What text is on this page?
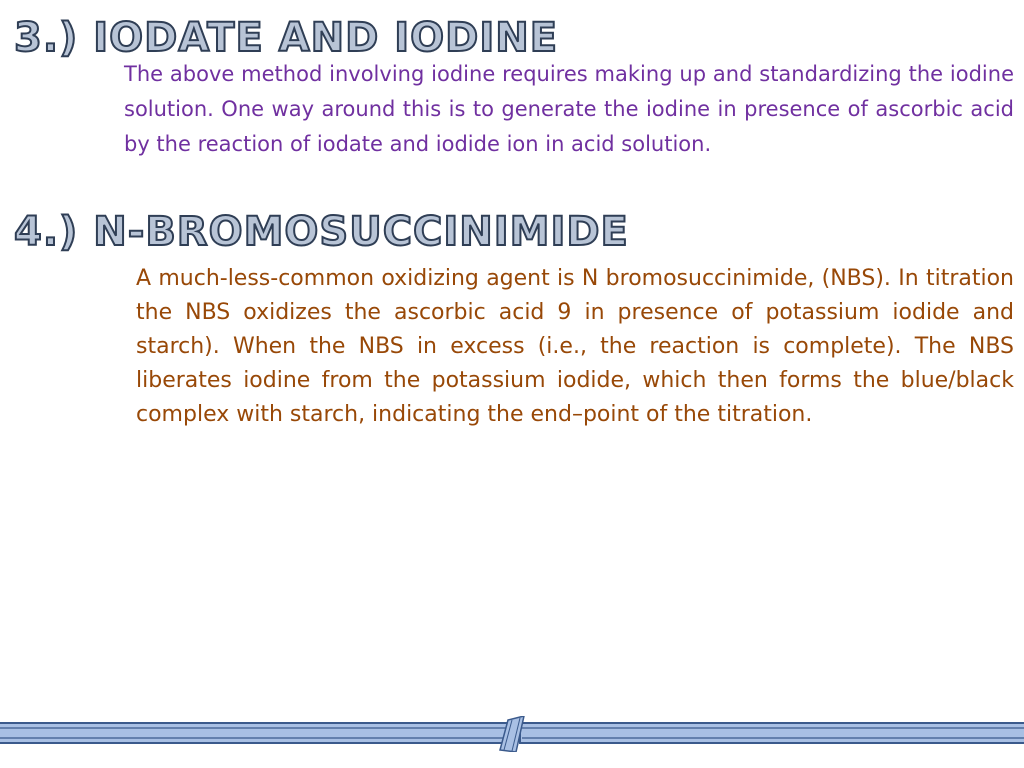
3.) IODATE AND IODINE

The above method involving iodine requires making up and standardizing the iodine solution. One way around this is to generate the iodine in presence of ascorbic acid by the reaction of iodate and iodide ion in acid solution.

4.) N-BROMOSUCCINIMIDE

A much-less-common oxidizing agent is N bromosuccinimide, (NBS). In titration the NBS oxidizes the ascorbic acid 9 in presence of potassium iodide and starch). When the NBS in excess (i.e., the reaction is complete). The NBS liberates iodine from the potassium iodide, which then forms the blue/black complex with starch, indicating the end–point of the titration.
